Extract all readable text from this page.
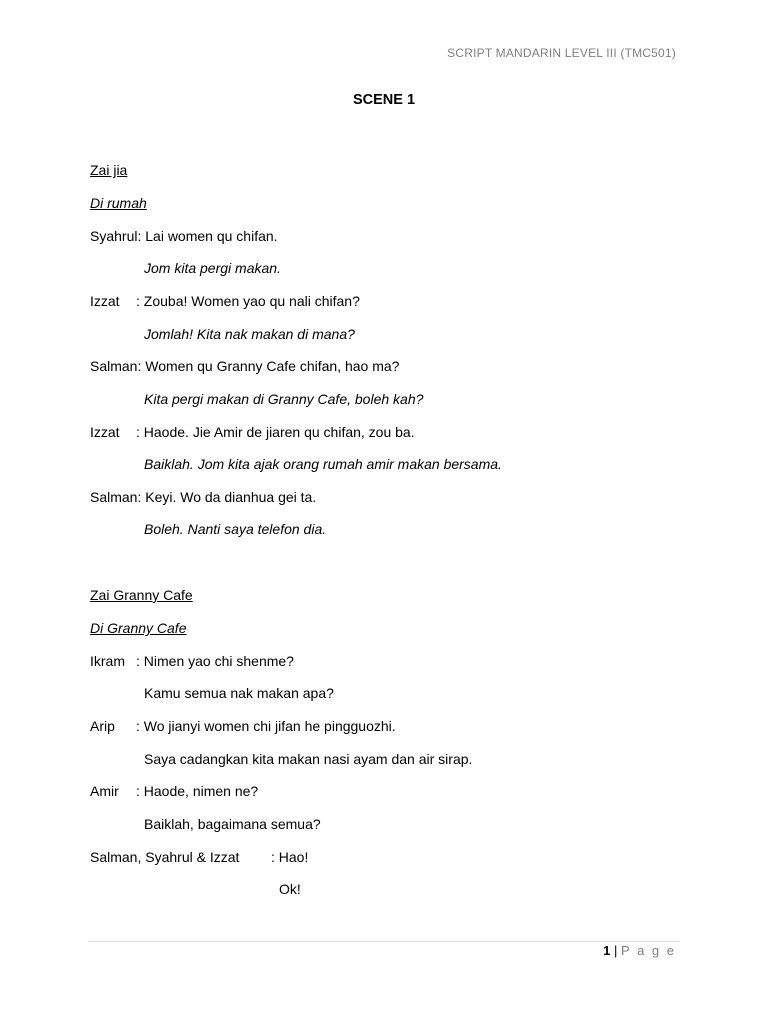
SCRIPT MANDARIN LEVEL III (TMC501)
SCENE 1
Zai jia
Di rumah
Syahrul: Lai women qu chifan.
Jom kita pergi makan.
Izzat : Zouba! Women yao qu nali chifan?
Jomlah! Kita nak makan di mana?
Salman: Women qu Granny Cafe chifan, hao ma?
Kita pergi makan di Granny Cafe, boleh kah?
Izzat : Haode. Jie Amir de jiaren qu chifan, zou ba.
Baiklah. Jom kita ajak orang rumah amir makan bersama.
Salman: Keyi. Wo da dianhua gei ta.
Boleh. Nanti saya telefon dia.
Zai Granny Cafe
Di Granny Cafe
Ikram : Nimen yao chi shenme?
Kamu semua nak makan apa?
Arip : Wo jianyi women chi jifan he pingguozhi.
Saya cadangkan kita makan nasi ayam dan air sirap.
Amir : Haode, nimen ne?
Baiklah, bagaimana semua?
Salman, Syahrul & Izzat : Hao!
Ok!
1 | P a g e
